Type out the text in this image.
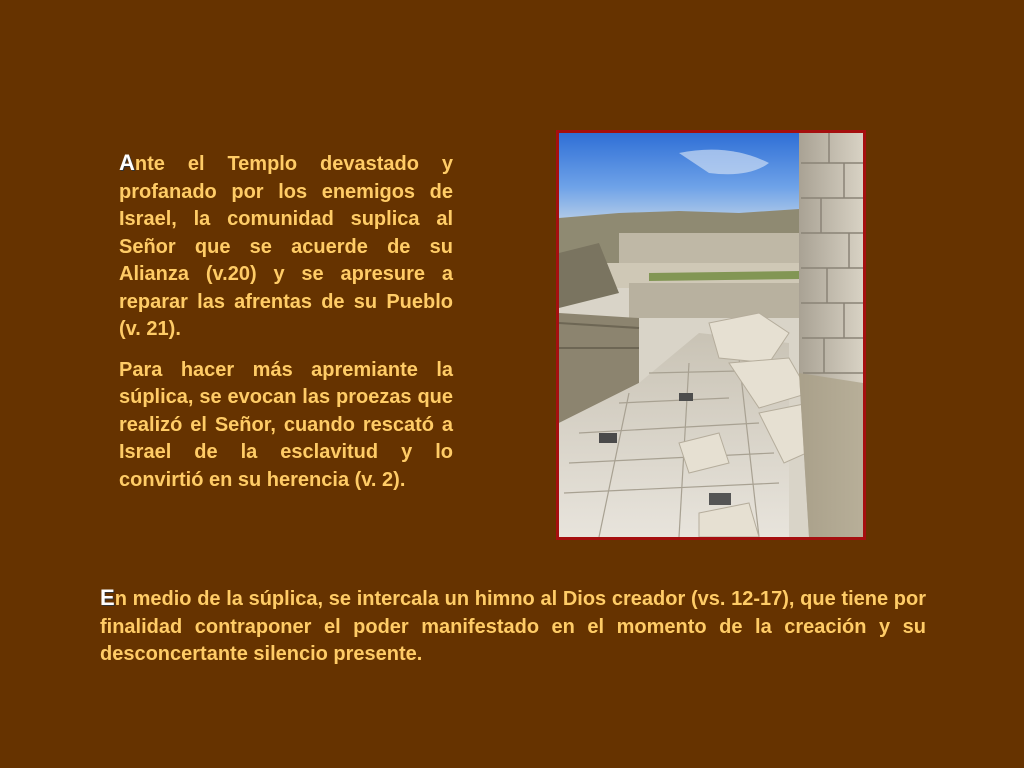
Ante el Templo devastado y profanado por los enemigos de Israel, la comunidad suplica al Señor que se acuerde de su Alianza (v.20) y se apresure a reparar las afrentas de su Pueblo (v. 21).

Para hacer más apremiante la súplica, se evocan las proezas que realizó el Señor, cuando rescató a Israel de la esclavitud y lo convirtió en su herencia (v. 2).

En medio de la súplica, se intercala un himno al Dios creador (vs. 12-17), que tiene por finalidad contraponer el poder manifestado en el momento de la creación y su desconcertante silencio presente.
